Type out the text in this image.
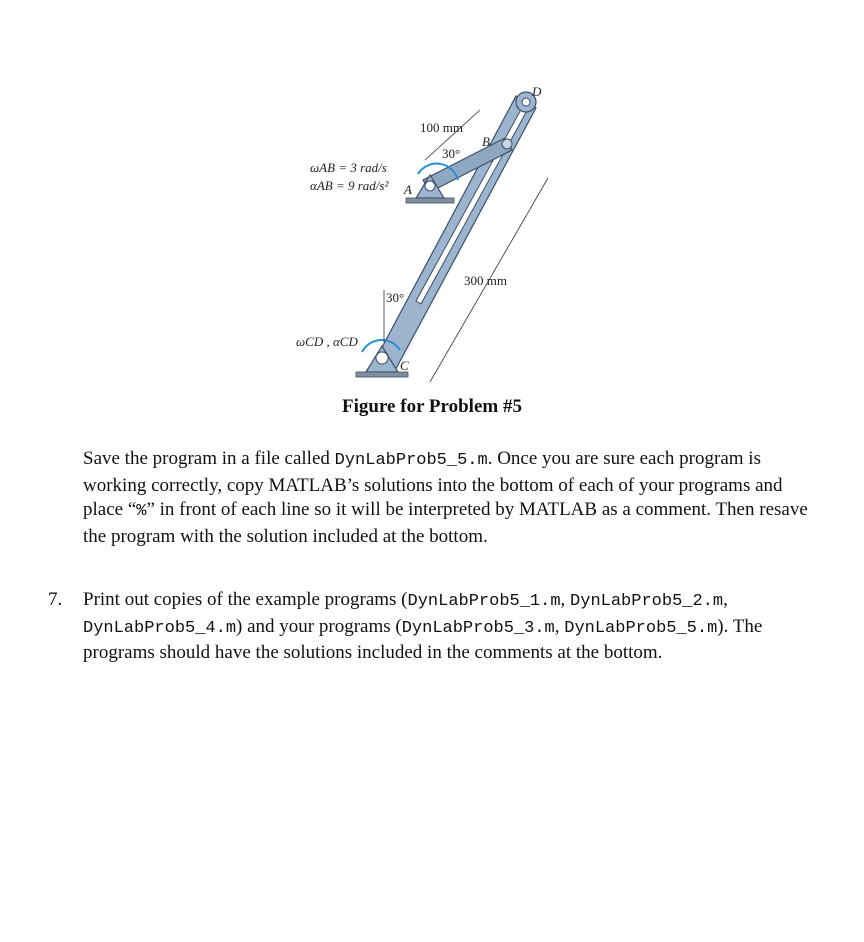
D
B
A
C
100 mm
30°
ωAB = 3 rad/s
αAB = 9 rad/s²
300 mm
30°
ωCD , αCD
Figure for Problem #5
Save the program in a file called DynLabProb5_5.m. Once you are sure each program is working correctly, copy MATLAB’s solutions into the bottom of each of your programs and place “%” in front of each line so it will be interpreted by MATLAB as a comment. Then resave the program with the solution included at the bottom.
7. Print out copies of the example programs (DynLabProb5_1.m, DynLabProb5_2.m, DynLabProb5_4.m) and your programs (DynLabProb5_3.m, DynLabProb5_5.m). The programs should have the solutions included in the comments at the bottom.
